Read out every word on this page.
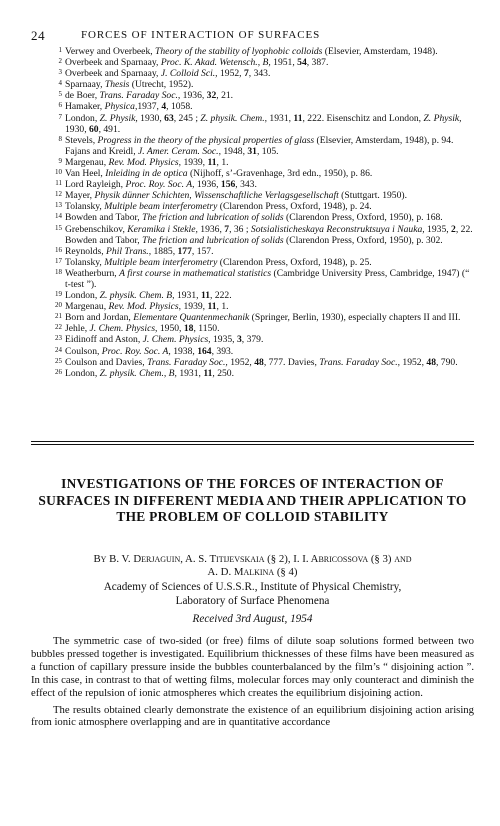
24	FORCES OF INTERACTION OF SURFACES
1 Verwey and Overbeek, Theory of the stability of lyophobic colloids (Elsevier, Amsterdam, 1948).
2 Overbeek and Sparnaay, Proc. K. Akad. Wetensch., B, 1951, 54, 387.
3 Overbeek and Sparnaay, J. Colloid Sci., 1952, 7, 343.
4 Sparnaay, Thesis (Utrecht, 1952).
5 de Boer, Trans. Faraday Soc., 1936, 32, 21.
6 Hamaker, Physica,1937, 4, 1058.
7 London, Z. Physik, 1930, 63, 245 ; Z. physik. Chem., 1931, 11, 222. Eisenschitz and London, Z. Physik, 1930, 60, 491.
8 Stevels, Progress in the theory of the physical properties of glass (Elsevier, Amsterdam, 1948), p. 94. Fajans and Kreidl, J. Amer. Ceram. Soc., 1948, 31, 105.
9 Margenau, Rev. Mod. Physics, 1939, 11, 1.
10 Van Heel, Inleiding in de optica (Nijhoff, s’-Gravenhage, 3rd edn., 1950), p. 86.
11 Lord Rayleigh, Proc. Roy. Soc. A, 1936, 156, 343.
12 Mayer, Physik dünner Schichten, Wissenschaftliche Verlagsgesellschaft (Stuttgart. 1950).
13 Tolansky, Multiple beam interferometry (Clarendon Press, Oxford, 1948), p. 24.
14 Bowden and Tabor, The friction and lubrication of solids (Clarendon Press, Oxford, 1950), p. 168.
15 Grebenschikov, Keramika i Stekle, 1936, 7, 36 ; Sotsialisticheskaya Reconstruktsuya i Nauka, 1935, 2, 22. Bowden and Tabor, The friction and lubrication of solids (Clarendon Press, Oxford, 1950), p. 302.
16 Reynolds, Phil Trans., 1885, 177, 157.
17 Tolansky, Multiple beam interferometry (Clarendon Press, Oxford, 1948), p. 25.
18 Weatherburn, A first course in mathematical statistics (Cambridge University Press, Cambridge, 1947) (“ t-test ”).
19 London, Z. physik. Chem. B, 1931, 11, 222.
20 Margenau, Rev. Mod. Physics, 1939, 11, 1.
21 Born and Jordan, Elementare Quantenmechanik (Springer, Berlin, 1930), especially chapters II and III.
22 Jehle, J. Chem. Physics, 1950, 18, 1150.
23 Eidinoff and Aston, J. Chem. Physics, 1935, 3, 379.
24 Coulson, Proc. Roy. Soc. A, 1938, 164, 393.
25 Coulson and Davies, Trans. Faraday Soc., 1952, 48, 777. Davies, Trans. Faraday Soc., 1952, 48, 790.
26 London, Z. physik. Chem., B, 1931, 11, 250.
INVESTIGATIONS OF THE FORCES OF INTERACTION OF SURFACES IN DIFFERENT MEDIA AND THEIR APPLICATION TO THE PROBLEM OF COLLOID STABILITY
By B. V. Derjaguin, A. S. Titijevskaia (§ 2), I. I. Abricossova (§ 3) and
A. D. Malkina (§ 4)
Academy of Sciences of U.S.S.R., Institute of Physical Chemistry,
Laboratory of Surface Phenomena
Received 3rd August, 1954

The symmetric case of two-sided (or free) films of dilute soap solutions formed between two bubbles pressed together is investigated. Equilibrium thicknesses of these films have been measured as a function of capillary pressure inside the bubbles counterbalanced by the film’s “ disjoining action ”. In this case, in contrast to that of wetting films, molecular forces may only counteract and diminish the effect of the repulsion of ionic atmospheres which creates the equilibrium disjoining action.

The results obtained clearly demonstrate the existence of an equilibrium disjoining action arising from ionic atmosphere overlapping and are in quantitative accordance
